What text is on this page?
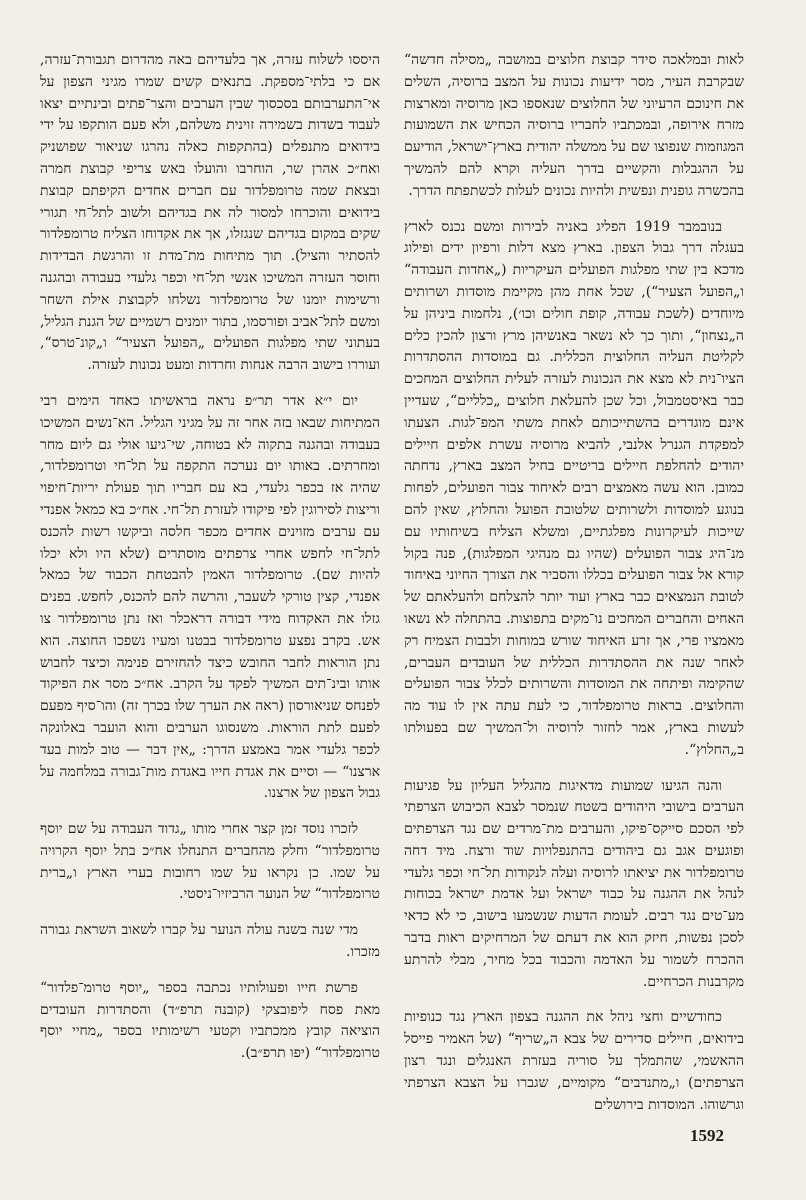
לאות ובמלאכה סידר קבוצת חלוצים במושבה „מסילה חדשה“ שבקרבת העיר, מסר ידיעות נכונות על המצב ברוסיה, השלים את חינוכם הרעיוני של החלוצים שנאספו כאן מרוסיה ומארצות מזרח אירופה, ובמכתביו לחבריו ברוסיה הכחיש את השמועות המגוזמות שנפוצו שם על ממשלה יהודית בארץ־ישראל, הודיעם על ההגבלות והקשיים בדרך העליה וקרא להם להמשיך בהכשרה גופנית ונפשית ולהיות נכונים לעלות לכשתפתח הדרך.

בנובמבר 1919 הפליג באניה לבירות ומשם נכנס לארץ בעגלה דרך גבול הצפון. בארץ מצא דלות ורפיון ידים ופילוג מדכא בין שתי מפלגות הפועלים העיקריות („אחדות העבודה“ ו„הפועל הצעיר“), שכל אחת מהן מקיימת מוסדות ושרותים מיוחדים (לשכת עבודה, קופת חולים וכו׳), נלחמות ביניהן על ה„נצחון“, ותוך כך לא נשאר באנשיהן מרץ ורצון להכין כלים לקליטת העליה החלוצית הכללית. גם במוסדות ההסתדרות הציו־נית לא מצא את הנכונות לעזרה לעלית החלוצים המחכים כבר באיסטמבול, וכל שכן להעלאת חלוצים „כלליים“, שעדיין אינם מוגדרים בהשתייכותם לאחת משתי המפ־לגות. הצעתו למפקדת הגנרל אלנבי, להביא מרוסיה עשרת אלפים חיילים יהודים להחלפת חיילים בריטיים בחיל המצב בארץ, נדחתה כמובן. הוא עשה מאמצים רבים לאיחוד צבור הפועלים, לפחות בנוגע למוסדות ולשרותים שלטובת הפועל והחלוץ, שאין להם שייכות לעיקרונות מפלגתיים, ומשלא הצליח בשיחותיו עם מנ־היג צבור הפועלים (שהיו גם מנהיגי המפלגות), פנה בקול קורא אל צבור הפועלים בכללו והסביר את הצורך החיוני באיחוד לטובת הנמצאים כבר בארץ ועוד יותר להצלחם ולהעלאתם של האחים והחברים המחכים נו־מקים בתפוצות. בהתחלה לא נשאו מאמציו פרי, אך זרע האיחוד שורש במוחות ולבבות הצמיח רק לאחר שנה את ההסתדרות הכללית של העובדים העברים, שהקימה ופיתחה את המוסדות והשרותים לכלל צבור הפועלים והחלוצים. בראות טרומפלדור, כי לעת עתה אין לו עוד מה לעשות בארץ, אמר לחזור לרוסיה ול־המשיך שם בפעולתו ב„החלוץ“.

והנה הגיעו שמועות מדאיגות מהגליל העליון על פגיעות הערבים בישובי היהודים בשטח שנמסר לצבא הכיבוש הצרפתי לפי הסכם סייקס־פיקו, והערבים מת־מרדים שם נגד הצרפתים ופוגעים אגב גם ביהודים בהתנפלויות שוד ורצח. מיד דחה טרומפלדור את יציאתו לרוסיה ועלה לנקודות תל־חי וכפר גלעדי לנהל את ההגנה על כבוד ישראל ועל אדמת ישראל בכוחות מע־טים נגד רבים. לעומת הדעות שנשמעו בישוב, כי לא כדאי לסכן נפשות, חיזק הוא את דעתם של המרחיקים ראות בדבר ההכרח לשמור על האדמה והכבוד בכל מחיר, מבלי להרתע מקרבנות הכרחיים.

כחודשיים וחצי ניהל את ההגנה בצפון הארץ נגד כנופיות בידואים, חיילים סדירים של צבא ה„שריף“ (של האמיר פייסל ההאשמי, שהתמלך על סוריה בעזרת האנגלים ונגד רצון הצרפתים) ו„מתנדבים“ מקומיים, שגברו על הצבא הצרפתי וגרשוהו. המוסדות בירושלים

היססו לשלוח עזרה, אך בלעדיהם באה מהדרום תגבורת־עזרה, אם כי בלתי־מספקת. בתנאים קשים שמרו מגיני הצפון על אי־התערבותם בסכסוך שבין הערבים והצר־פתים ובינתיים יצאו לעבוד בשדות בשמירה זוינית משלהם, ולא פעם הותקפו על ידי בידואים מתנפלים (בהתקפות כאלה נהרגו שניאור שפושניק ואח״כ אהרן שר, הוחרבו והועלו באש צריפי קבוצת חמרה ובצאת שמה טרומפלדור עם חברים אחדים הקיפתם קבוצת בידואים והוכרחו למסור לה את בגדיהם ולשוב לתל־חי תגורי שקים במקום בגדיהם שנגזלו, אך את אקדוחו הצליח טרומפלדור להסתיר והציל). תוך מתיחות מת־מדת זו והרגשת הבדידות וחוסר העזרה המשיכו אנשי תל־חי וכפר גלעדי בעבודה ובהגנה ורשימות יומנו של טרומפלדור נשלחו לקבוצת אילת השחר ומשם לתל־אביב ופורסמו, בתור יומנים רשמיים של הגנת הגליל, בעתוני שתי מפלגות הפועלים „הפועל הצעיר“ ו„קונ־טרס“, ועוררו בישוב הרבה אנחות וחרדות ומעט נכונות לעזרה.

יום י״א אדר תר״פ נראה בראשיתו כאחד הימים רבי המתיחות שבאו בזה אחר זה על מגיני הגליל. הא־נשים המשיכו בעבודה ובהגנה בתקוה לא בטוחה, שי־גיעו אולי גם ליום מחר ומחרתים. באותו יום נערכה התקפה על תל־חי וטרומפלדור, שהיה אז בכפר גלעדי, בא עם חבריו תוך פעולת יריות־חיפוי וריצות לסירוגין לפי פיקודו לעזרת תל־חי. אח״כ בא כמאל אפנדי עם ערבים מזוינים אחדים מכפר חלסה וביקשו רשות להכנס לתל־חי לחפש אחרי צרפתים מוסתרים (שלא היו ולא יכלו להיות שם). טרומפלדור האמין להבטחת הכבוד של כמאל אפנדי, קצין טורקי לשעבר, והרשה להם להכנס, לחפש. בפנים גזלו את האקדוח מידי דבורה דראכלר ואז נתן טרומפלדור צו אש. בקרב נפצע טרומפלדור בבטנו ומעיו נשפכו החוצה. הוא נתן הוראות לחבר החובש כיצד להחזירם פנימה וכיצד לחבוש אותו ובינ־תים המשיך לפקד על הקרב. אח״כ מסר את הפיקוד לפנחס שניאורסון (ראה את הערך שלו בכרך זה) והו־סיף מפעם לפעם לתת הוראות. משנסוגו הערבים והוא הועבר באלונקה לכפר גלעדי אמר באמצע הדרך: „אין דבר — טוב למות בעד ארצנו“ — וסיים את אגדת חייו באגדת מות־גבורה במלחמה על גבול הצפון של ארצנו.

לזכרו נוסד זמן קצר אחרי מותו „גדוד העבודה על שם יוסף טרומפלדור“ וחלק מהחברים התנחלו אח״כ בתל יוסף הקרויה על שמו. כן נקראו על שמו רחובות בערי הארץ ו„ברית טרומפלדור“ של הנוער הרביזיו־ניסטי.

מדי שנה בשנה עולה הנוער על קברו לשאוב השראת גבורה מזכרו.

פרשת חייו ופעולותיו נכתבה בספר „יוסף טרומ־פלדור“ מאת פסח ליפובצקי (קובנה תרפ״ד) והסתדרות העובדים הוציאה קובץ ממכתביו וקטעי רשימותיו בספר „מחיי יוסף טרומפלדור“ (יפו תרפ״ב).

1592
